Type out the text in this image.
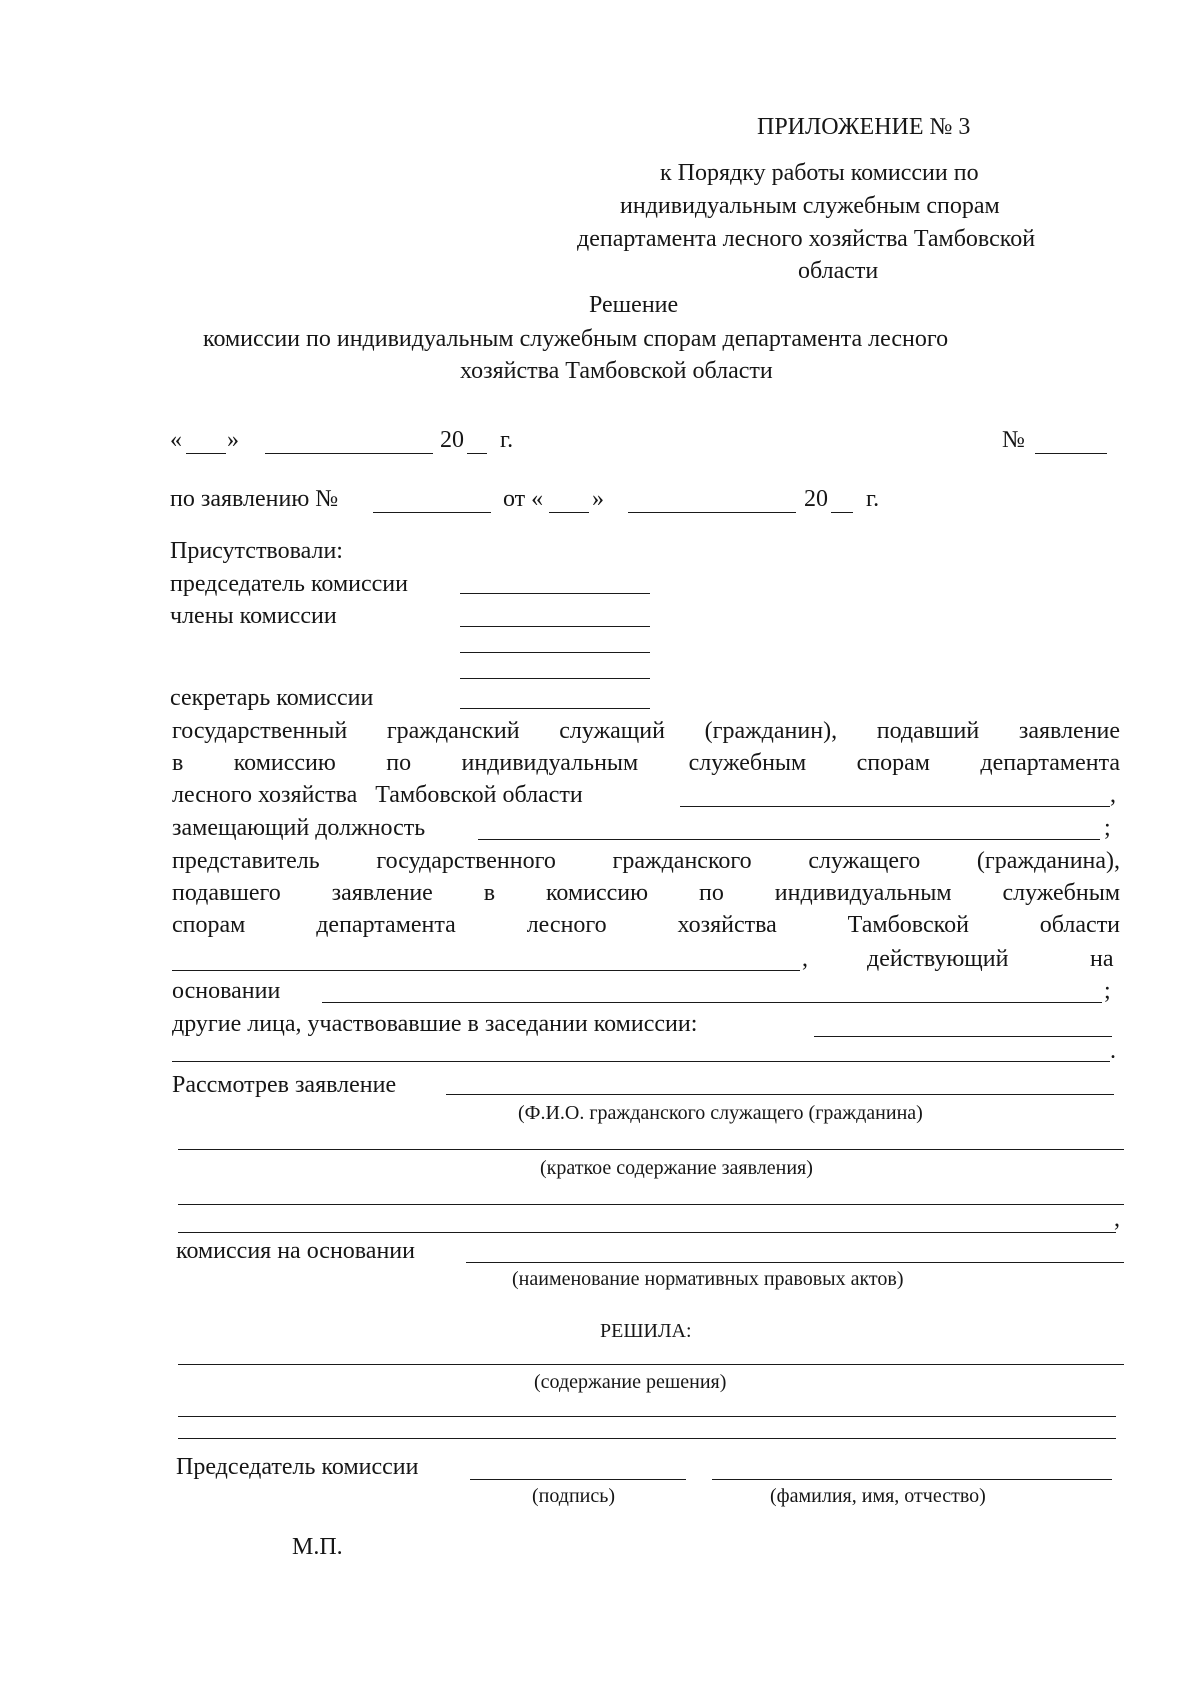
ПРИЛОЖЕНИЕ № 3
к Порядку работы комиссии по
индивидуальным служебным спорам
департамента лесного хозяйства Тамбовской
области
Решение
комиссии по индивидуальным служебным спорам департамента лесного
хозяйства Тамбовской области
« »	20 г.	№
по заявлению №	от « »	20 г.
Присутствовали:
председатель комиссии
члены комиссии
секретарь комиссии
государственный гражданский служащий (гражданин), подавший заявление
в комиссию по индивидуальным служебным спорам департамента
лесного хозяйства   Тамбовской области	,
замещающий должность	;
представитель государственного гражданского служащего (гражданина),
подавшего заявление в комиссию по индивидуальным служебным
спорам	департамента	лесного	хозяйства	Тамбовской	области
, действующий	на
основании	;
другие лица, участвовавшие в заседании комиссии:
.
Рассмотрев заявление
(Ф.И.О. гражданского служащего (гражданина)
(краткое содержание заявления)
,
комиссия на основании
(наименование нормативных правовых актов)
РЕШИЛА:
(содержание решения)
Председатель комиссии
(подпись)	(фамилия, имя, отчество)
М.П.
